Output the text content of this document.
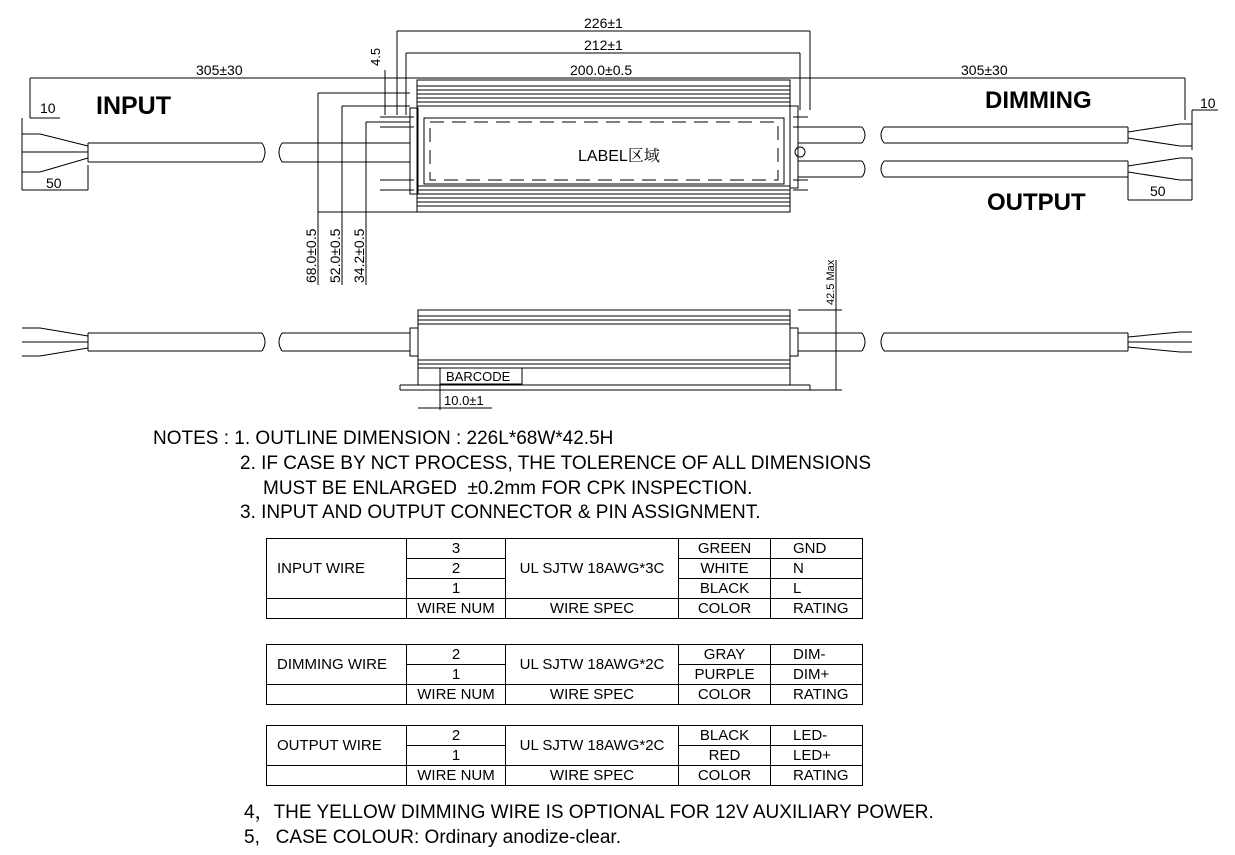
INPUT	DIMMING
OUTPUT
LABEL区域
BARCODE
305±30	305±30
226±1
212±1
200.0±0.5
4.5
10
50
10
50
68.0±0.5 52.0±0.5 34.2±0.5	42.5 Max
10.0±1
NOTES : 1. OUTLINE DIMENSION : 226L*68W*42.5H
2. IF CASE BY NCT PROCESS, THE TOLERENCE OF ALL DIMENSIONS
MUST BE ENLARGED  ±0.2mm FOR CPK INSPECTION.
3. INPUT AND OUTPUT CONNECTOR & PIN ASSIGNMENT.
INPUT WIRE	3	UL SJTW 18AWG*3C	GREEN	GND
	2		WHITE	N
	1		BLACK	L
	WIRE NUM	WIRE SPEC	COLOR	RATING
DIMMING WIRE	2	UL SJTW 18AWG*2C	GRAY	DIM-
	1		PURPLE	DIM+
	WIRE NUM	WIRE SPEC	COLOR	RATING
OUTPUT WIRE	2	UL SJTW 18AWG*2C	BLACK	LED-
	1		RED	LED+
	WIRE NUM	WIRE SPEC	COLOR	RATING
4，THE YELLOW DIMMING WIRE IS OPTIONAL FOR 12V AUXILIARY POWER.
5,   CASE COLOUR: Ordinary anodize-clear.
